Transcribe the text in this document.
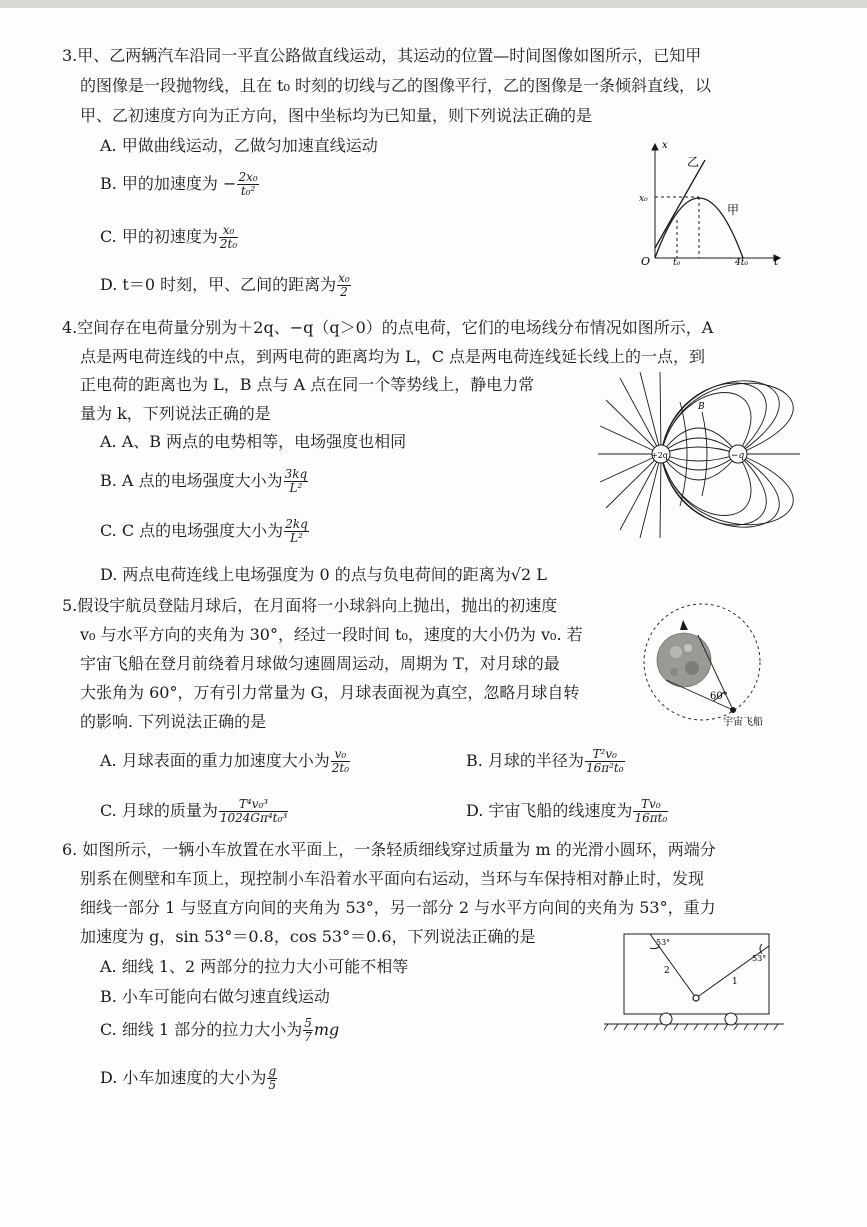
3.甲、乙两辆汽车沿同一平直公路做直线运动，其运动的位置—时间图像如图所示，已知甲
的图像是一段抛物线，且在 t₀ 时刻的切线与乙的图像平行，乙的图像是一条倾斜直线，以
甲、乙初速度方向为正方向，图中坐标均为已知量，则下列说法正确的是
A. 甲做曲线运动，乙做匀加速直线运动
B. 甲的加速度为 − $\frac{\text{2x₀}}{\text{t₀²}}$
C. 甲的初速度为 $\frac{\text{x₀}}{\text{2t₀}}$
D. t＝0 时刻，甲、乙间的距离为 $\frac{\text{x₀}}{2}$
x
t
O
x₀
t₀	4t₀
乙
甲
4.空间存在电荷量分别为＋2q、−q（q＞0）的点电荷，它们的电场线分布情况如图所示，A
点是两电荷连线的中点，到两电荷的距离均为 L，C 点是两电荷连线延长线上的一点，到
正电荷的距离也为 L，B 点与 A 点在同一个等势线上，静电力常
量为 k，下列说法正确的是
A. A、B 两点的电势相等，电场强度也相同
B. A 点的电场强度大小为 $\frac{3kq}{\text{L²}}$
C. C 点的电场强度大小为 $\frac{2kq}{\text{L²}}$
D. 两点电荷连线上电场强度为 0 的点与负电荷间的距离为√2 L
+2q	−q
B
5.假设宇航员登陆月球后，在月面将一小球斜向上抛出，抛出的初速度
v₀ 与水平方向的夹角为 30°，经过一段时间 t₀，速度的大小仍为 v₀. 若
宇宙飞船在登月前绕着月球做匀速圆周运动，周期为 T，对月球的最
大张角为 60°，万有引力常量为 G，月球表面视为真空，忽略月球自转
的影响. 下列说法正确的是
A. 月球表面的重力加速度大小为 $\frac{\text{v₀}}{\text{2t₀}}$	B. 月球的半径为 $\frac{\text{T²v₀}}{\text{16π²t₀}}$
C. 月球的质量为 $\frac{\text{T⁴v₀³}}{\text{1024Gπ⁴t₀³}}$	D. 宇宙飞船的线速度为 $\frac{\text{Tv₀}}{\text{16πt₀}}$
60°
宇宙飞船
6. 如图所示，一辆小车放置在水平面上，一条轻质细线穿过质量为 m 的光滑小圆环，两端分
别系在侧壁和车顶上，现控制小车沿着水平面向右运动，当环与车保持相对静止时，发现
细线一部分 1 与竖直方向间的夹角为 53°，另一部分 2 与水平方向间的夹角为 53°，重力
加速度为 g，sin 53°＝0.8，cos 53°＝0.6，下列说法正确的是
A. 细线 1、2 两部分的拉力大小可能不相等
B. 小车可能向右做匀速直线运动
C. 细线 1 部分的拉力大小为 $\frac{5}{7}$ mg
D. 小车加速度的大小为 $\frac{g}{5}$
53°
53°
2
1
